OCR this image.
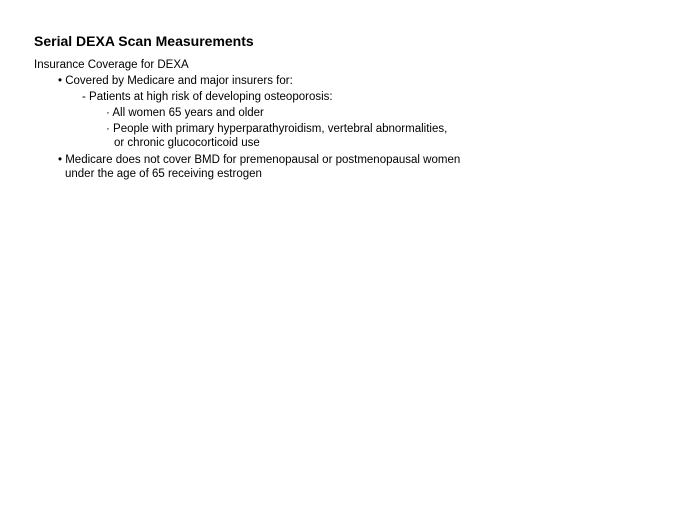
Serial DEXA Scan Measurements
Insurance Coverage for DEXA
• Covered by Medicare and major insurers for:
- Patients at high risk of developing osteoporosis:
· All women 65 years and older
· People with primary hyperparathyroidism, vertebral abnormalities,
or chronic glucocorticoid use
• Medicare does not cover BMD for premenopausal or postmenopausal women
under the age of 65 receiving estrogen
